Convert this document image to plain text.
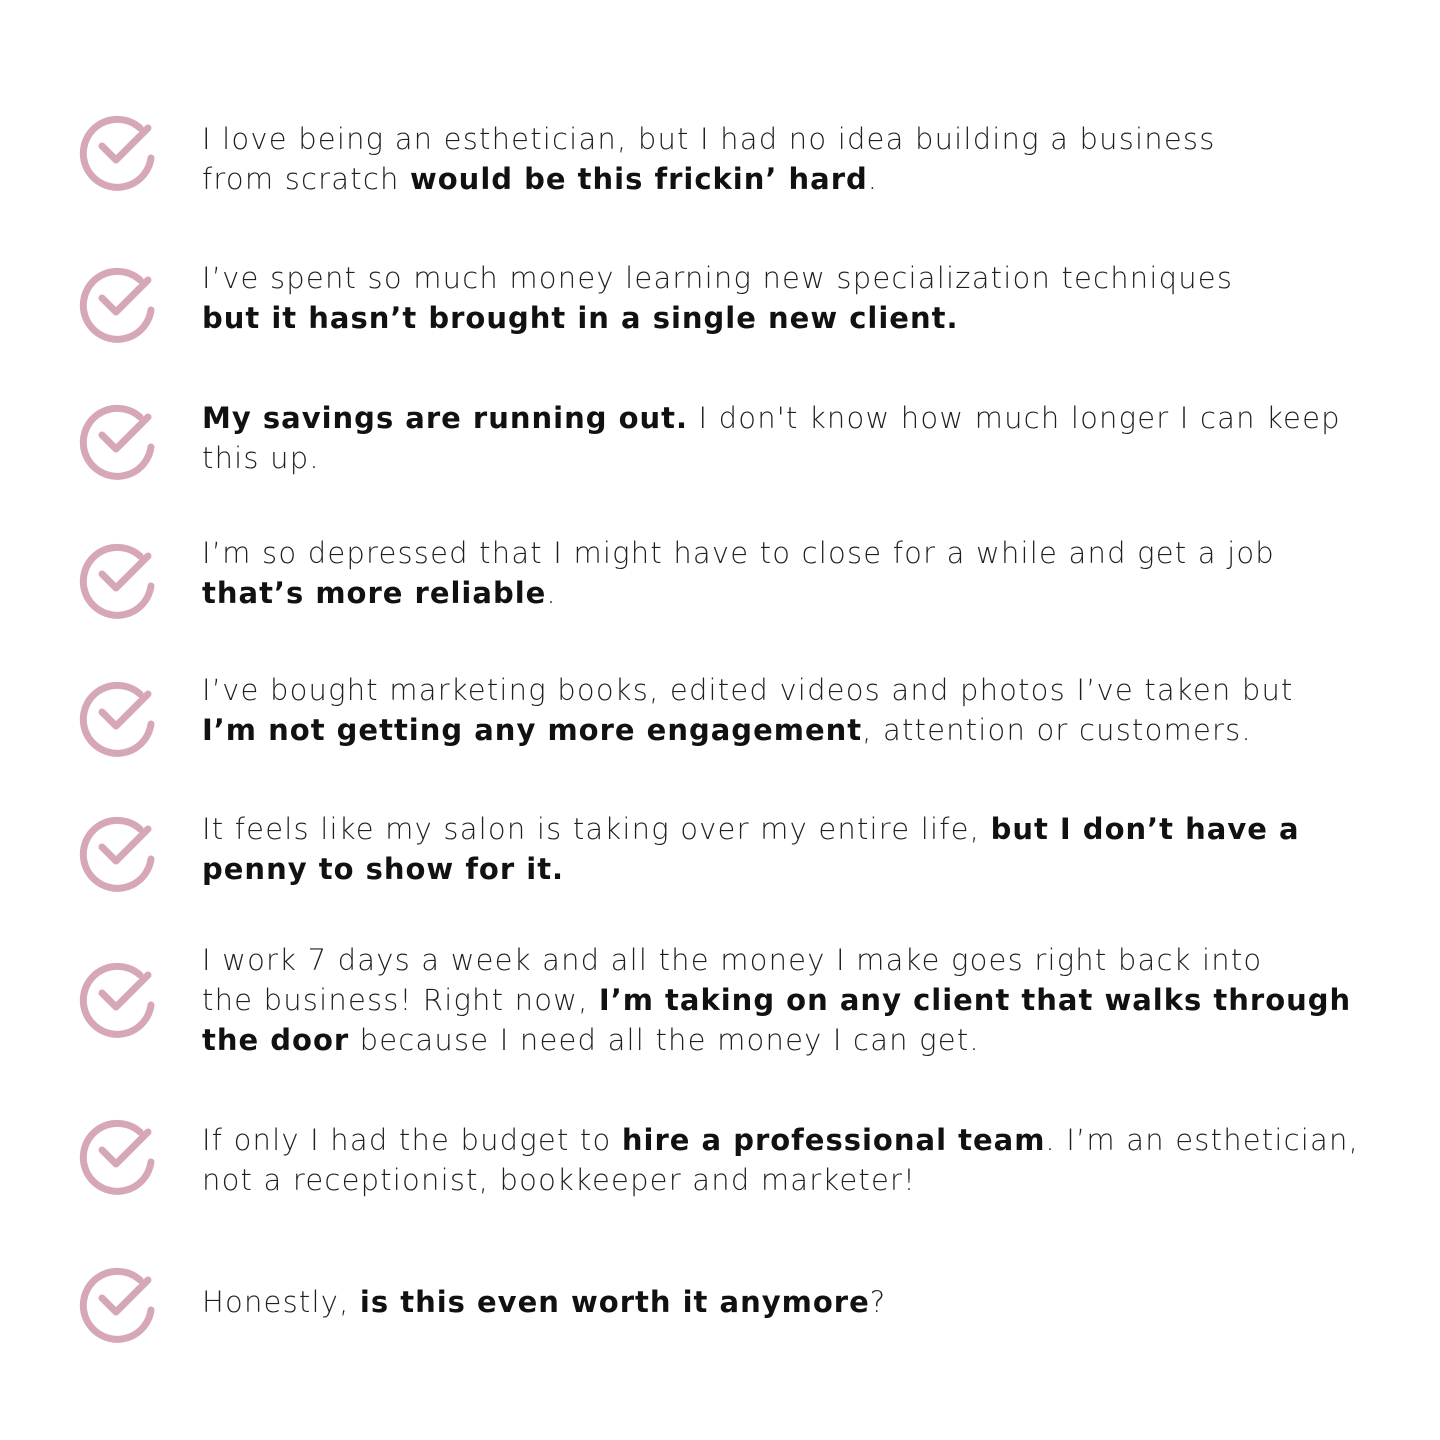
I love being an esthetician, but I had no idea building a business
from scratch would be this frickin’ hard.
I’ve spent so much money learning new specialization techniques
but it hasn’t brought in a single new client.
My savings are running out. I don't know how much longer I can keep
this up.
I’m so depressed that I might have to close for a while and get a job
that’s more reliable.
I’ve bought marketing books, edited videos and photos I’ve taken but
I’m not getting any more engagement, attention or customers.
It feels like my salon is taking over my entire life, but I don’t have a
penny to show for it.
I work 7 days a week and all the money I make goes right back into
the business! Right now, I’m taking on any client that walks through
the door because I need all the money I can get.
If only I had the budget to hire a professional team. I’m an esthetician,
not a receptionist, bookkeeper and marketer!
Honestly, is this even worth it anymore?
